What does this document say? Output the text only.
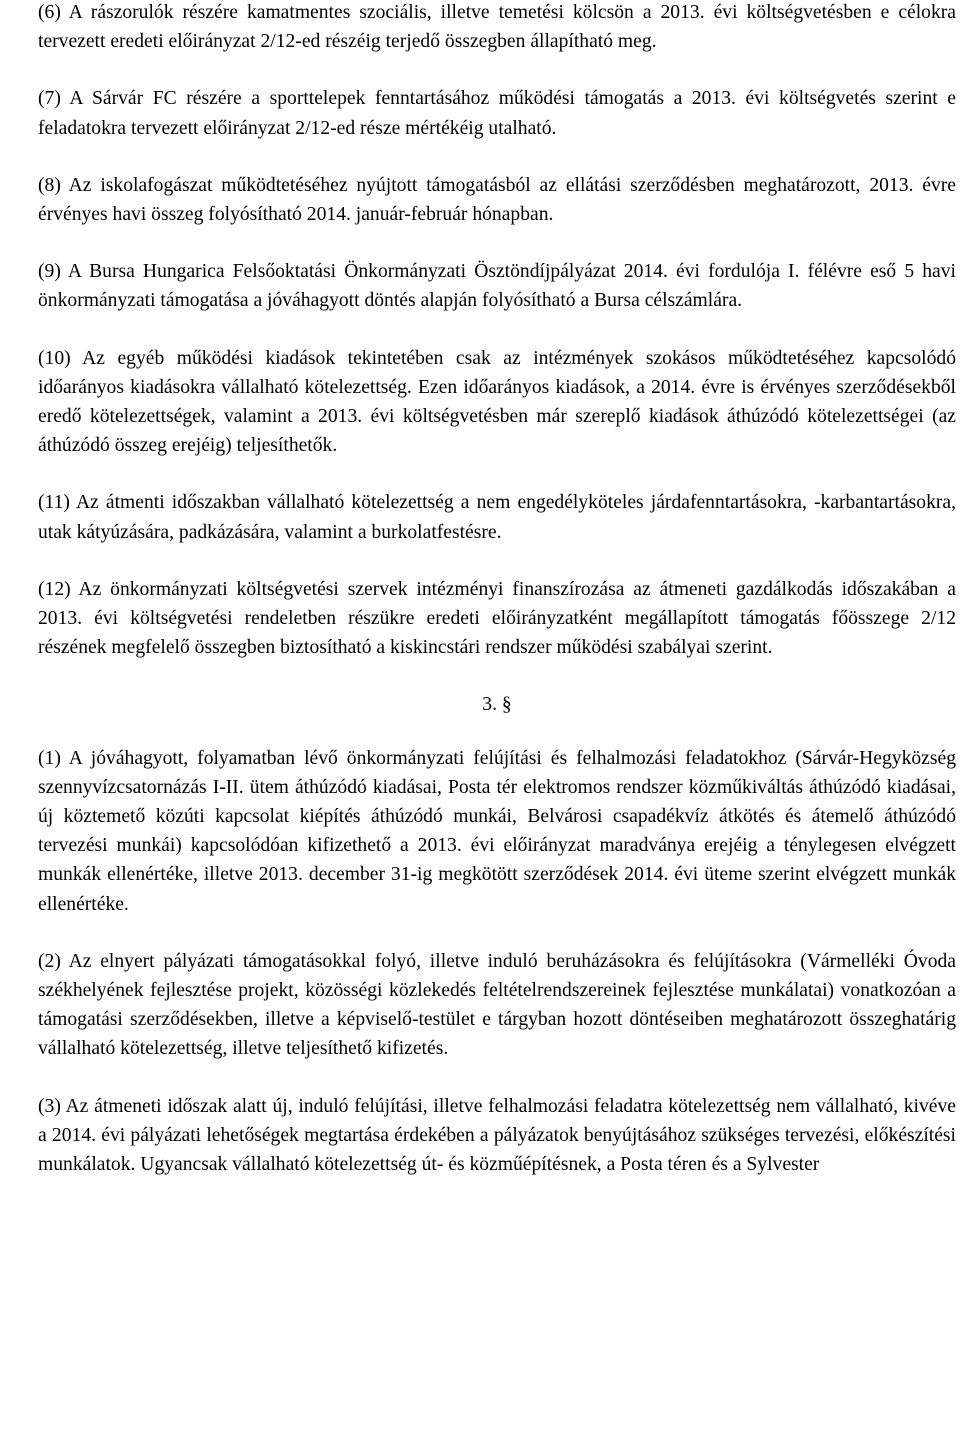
(6) A rászorulók részére kamatmentes szociális, illetve temetési kölcsön a 2013. évi költségvetésben e célokra tervezett eredeti előirányzat 2/12-ed részéig terjedő összegben állapítható meg.

(7) A Sárvár FC részére a sporttelepek fenntartásához működési támogatás a 2013. évi költségvetés szerint e feladatokra tervezett előirányzat 2/12-ed része mértékéig utalható.

(8) Az iskolafogászat működtetéséhez nyújtott támogatásból az ellátási szerződésben meghatározott, 2013. évre érvényes havi összeg folyósítható 2014. január-február hónapban.

(9) A Bursa Hungarica Felsőoktatási Önkormányzati Ösztöndíjpályázat 2014. évi fordulója I. félévre eső 5 havi önkormányzati támogatása a jóváhagyott döntés alapján folyósítható a Bursa célszámlára.

(10) Az egyéb működési kiadások tekintetében csak az intézmények szokásos működtetéséhez kapcsolódó időarányos kiadásokra vállalható kötelezettség. Ezen időarányos kiadások, a 2014. évre is érvényes szerződésekből eredő kötelezettségek, valamint a 2013. évi költségvetésben már szereplő kiadások áthúzódó kötelezettségei (az áthúzódó összeg erejéig) teljesíthetők.

(11) Az átmenti időszakban vállalható kötelezettség a nem engedélyköteles járdafenntartásokra, -karbantartásokra, utak kátyúzására, padkázására, valamint a burkolatfestésre.

(12) Az önkormányzati költségvetési szervek intézményi finanszírozása az átmeneti gazdálkodás időszakában a 2013. évi költségvetési rendeletben részükre eredeti előirányzatként megállapított támogatás főösszege 2/12 részének megfelelő összegben biztosítható a kiskincstári rendszer működési szabályai szerint.

3. §

(1) A jóváhagyott, folyamatban lévő önkormányzati felújítási és felhalmozási feladatokhoz (Sárvár-Hegyközség szennyvízcsatornázás I-II. ütem áthúzódó kiadásai, Posta tér elektromos rendszer közműkiváltás áthúzódó kiadásai, új köztemető közúti kapcsolat kiépítés áthúzódó munkái, Belvárosi csapadékvíz átkötés és átemelő áthúzódó tervezési munkái) kapcsolódóan kifizethető a 2013. évi előirányzat maradványa erejéig a ténylegesen elvégzett munkák ellenértéke, illetve 2013. december 31-ig megkötött szerződések 2014. évi üteme szerint elvégzett munkák ellenértéke.

(2) Az elnyert pályázati támogatásokkal folyó, illetve induló beruházásokra és felújításokra (Vármelléki Óvoda székhelyének fejlesztése projekt, közösségi közlekedés feltételrendszereinek fejlesztése munkálatai) vonatkozóan a támogatási szerződésekben, illetve a képviselő-testület e tárgyban hozott döntéseiben meghatározott összeghatárig vállalható kötelezettség, illetve teljesíthető kifizetés.

(3) Az átmeneti időszak alatt új, induló felújítási, illetve felhalmozási feladatra kötelezettség nem vállalható, kivéve a 2014. évi pályázati lehetőségek megtartása érdekében a pályázatok benyújtásához szükséges tervezési, előkészítési munkálatok. Ugyancsak vállalható kötelezettség út- és közműépítésnek, a Posta téren és a Sylvester
